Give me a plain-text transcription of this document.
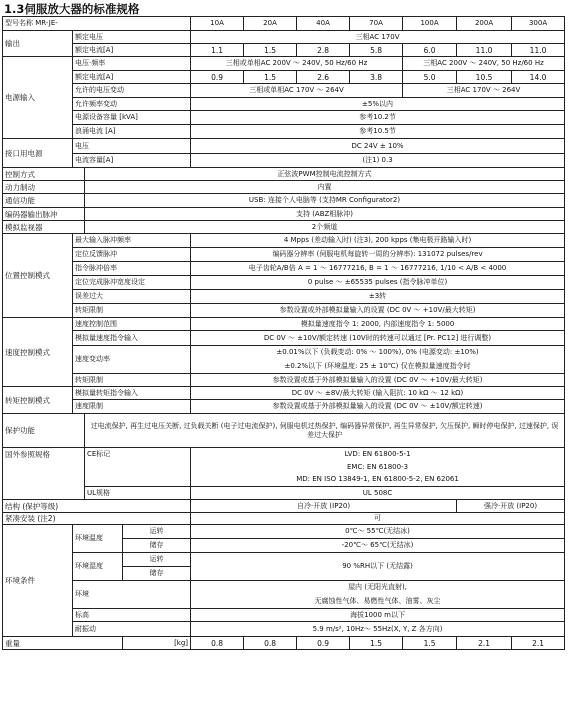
1.3伺服放大器的标准规格
型号名称 MR-JE-				10A	20A	40A	70A	100A	200A	300A
输出	额定电压			三相AC 170V						
	额定电流[A]			1.1	1.5	2.8	5.8	6.0	11.0	11.0
电源输入	电压·频率			三相或单相AC 200V ～ 240V, 50 Hz/60 Hz				三相AC 200V ～ 240V, 50 Hz/60 Hz		
	额定电流[A]			0.9	1.5	2.6	3.8	5.0	10.5	14.0
	允许的电压变动			三相或单相AC 170V ～ 264V				三相AC 170V ～ 264V		
	允许频率变动			±5%以内						
	电源设备容量 [kVA]			参考10.2节						
	浪涌电流 [A]			参考10.5节						
接口用电源	电压			DC 24V ± 10%						
	电流容量[A]			(注1) 0.3						
控制方式		正弦波PWM控制电流控制方式								
动力制动		内置								
通信功能		USB: 连接个人电脑等 (支持MR Configurator2)								
编码器输出脉冲		支持 (ABZ相脉冲)								
模拟监视器		2个频道								
位置控制模式	最大输入脉冲频率			4 Mpps (差动输入时) (注3), 200 kpps (集电极开路输入时)						
	定位反馈脉冲			编码器分辨率 (伺服电机每旋转一周的分辨率): 131072 pulses/rev						
	指令脉冲倍率			电子齿轮A/B倍 A = 1 ～ 16777216, B = 1 ～ 16777216, 1/10 < A/B < 4000						
	定位完成脉冲宽度设定			0 pulse ～ ±65535 pulses (指令脉冲单位)						
	误差过大			±3转						
	转矩限制			参数设置或外部模拟量输入的设置 (DC 0V ～ +10V/最大转矩)						
速度控制模式	速度控制范围			模拟量速度指令 1: 2000, 内部速度指令 1: 5000						
	模拟量速度指令输入			DC 0V ～ ±10V/额定转速 (10V时的转速可以通过 [Pr. PC12] 进行调整)						
	速度变动率			±0.01%以下 (负载变动: 0% ～ 100%), 0% (电源变动: ±10%)						
				±0.2%以下 (环境温度: 25 ± 10℃) 仅在模拟量速度指令时						
	转矩限制			参数设置或基于外部模拟量输入的设置 (DC 0V ～ +10V/最大转矩)						
转矩控制模式	模拟量转矩指令输入			DC 0V ～ ±8V/最大转矩 (输入阻抗: 10 kΩ ～ 12 kΩ)						
	速度限制			参数设置或基于外部模拟量输入的设置 (DC 0V ～ ±10V/额定转速)						
保护功能		过电流保护, 再生过电压关断, 过负载关断 (电子过电流保护), 伺服电机过热保护, 编码器异常保护, 再生异常保护, 欠压保护, 瞬时停电保护, 过速保护, 误差过大保护								
国外参照规格		CE标记		LVD: EN 61800-5-1						
				EMC: EN 61800-3						
				MD: EN ISO 13849-1, EN 61800-5-2, EN 62061						
		UL规格		UL 508C						
结构 (保护等级)				自冷·开放 (IP20)					强冷·开放 (IP20)	
紧凑安装 (注2)				可						
环境条件	环境温度		运转	0℃～ 55℃(无结冰)						
			储存	-20℃～ 65℃(无结冰)						
	环境湿度		运转	90 %RH以下 (无结露)						
			储存							
	环境			屋内 (无阳光直射),						
				无腐蚀性气体、易燃性气体、油雾、灰尘						
	标高			海拔1000 m以下						
	耐振动			5.9 m/s², 10Hz～ 55Hz(X, Y, Z 各方向)						
重量			[kg]	0.8	0.8	0.9	1.5	1.5	2.1	2.1
